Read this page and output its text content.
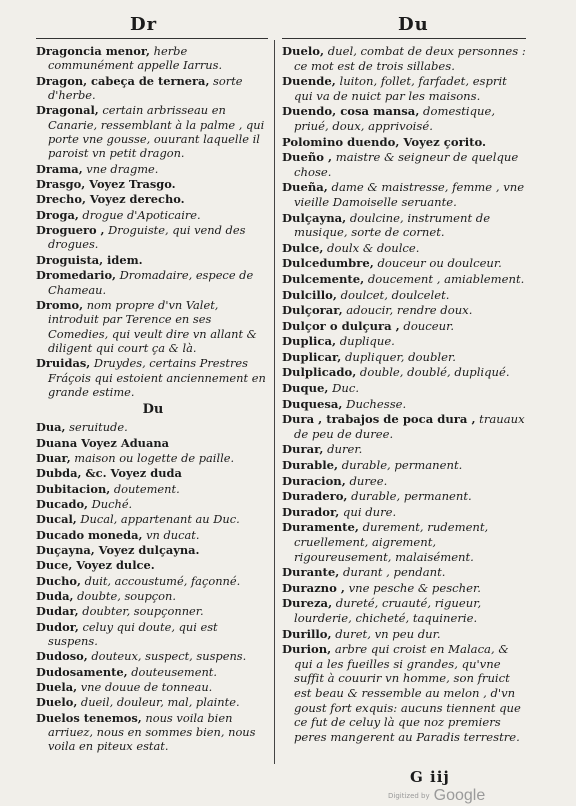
Dr	Du
Dragoncia menor, herbe communément appelle Iarrus.
Dragon, cabeça de ternera, sorte d'herbe.
Dragonal, certain arbrisseau en Canarie, ressemblant à la palme , qui porte vne gousse, ouurant laquelle il paroist vn petit dragon.
Drama, vne dragme.
Drasgo, Voyez Trasgo.
Drecho, Voyez derecho.
Droga, drogue d'Apoticaire.
Droguero , Droguiste, qui vend des drogues.
Droguista, idem.
Dromedario, Dromadaire, espece de Chameau.
Dromo, nom propre d'vn Valet, introduit par Terence en ses Comedies, qui veult dire vn allant & diligent qui court ça & là.
Druidas, Druydes, certains Prestres Fráçois qui estoient anciennement en grande estime.
Du
Dua, seruitude.
Duana Voyez Aduana
Duar, maison ou logette de paille.
Dubda, &c. Voyez duda
Dubitacion, doutement.
Ducado, Duché.
Ducal, Ducal, appartenant au Duc.
Ducado moneda, vn ducat.
Duçayna, Voyez dulçayna.
Duce, Voyez dulce.
Ducho, duit, accoustumé, façonné.
Duda, doubte, soupçon.
Dudar, doubter, soupçonner.
Dudor, celuy qui doute, qui est suspens.
Dudoso, douteux, suspect, suspens.
Dudosamente, douteusement.
Duela, vne douue de tonneau.
Duelo, dueil, douleur, mal, plainte.
Duelos tenemos, nous voila bien arriuez, nous en sommes bien, nous voila en piteux estat.
Duelo, duel, combat de deux personnes : ce mot est de trois sillabes.
Duende, luiton, follet, farfadet, esprit qui va de nuict par les maisons.
Duendo, cosa mansa, domestique, priué, doux, apprivoisé.
Polomino duendo, Voyez çorito.
Dueño , maistre & seigneur de quelque chose.
Dueña, dame & maistresse, femme , vne vieille Damoiselle seruante.
Dulçayna, doulcine, instrument de musique, sorte de cornet.
Dulce, doulx & doulce.
Dulcedumbre, douceur ou doulceur.
Dulcemente, doucement , amiablement.
Dulcillo, doulcet, doulcelet.
Dulçorar, adoucir, rendre doux.
Dulçor o dulçura , douceur.
Duplica, duplique.
Duplicar, dupliquer, doubler.
Dulplicado, double, doublé, dupliqué.
Duque, Duc.
Duquesa, Duchesse.
Dura , trabajos de poca dura , trauaux de peu de duree.
Durar, durer.
Durable, durable, permanent.
Duracion, duree.
Duradero, durable, permanent.
Durador, qui dure.
Duramente, durement, rudement, cruellement, aigrement, rigoureusement, malaisément.
Durante, durant , pendant.
Durazno , vne pesche & pescher.
Dureza, dureté, cruauté, rigueur, lourderie, chicheté, taquinerie.
Durillo, duret, vn peu dur.
Durion, arbre qui croist en Malaca, & qui a les fueilles si grandes, qu'vne suffit à couurir vn homme, son fruict est beau & ressemble au melon , d'vn goust fort exquis: aucuns tiennent que ce fut de celuy là que noz premiers peres mangerent au Paradis terrestre.
G iij
Digitized by Google
